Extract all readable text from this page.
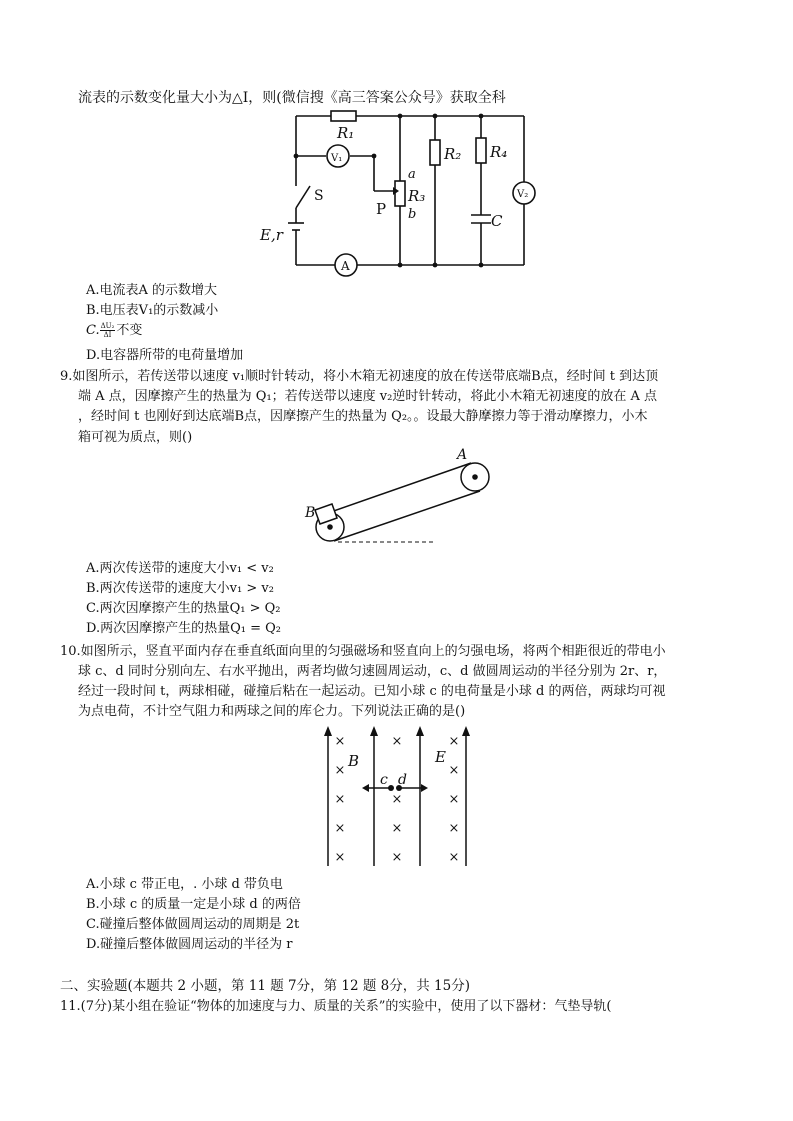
流表的示数变化量大小为△I，则(微信搜《高三答案公众号》获取全科
R₁
V₁
a
R₃
b
P
S
E,r
A
R₂ R₄
C
V₂
A.电流表A 的示数增大
B.电压表V₁的示数减小
C. $\frac{\text{ΔU₂}}{\Delta I}$ 不变
D.电容器所带的电荷量增加
9.如图所示，若传送带以速度 v₁顺时针转动，将小木箱无初速度的放在传送带底端B点，经时间 t 到达顶
端 A 点，因摩擦产生的热量为 Q₁；若传送带以速度 v₂逆时针转动，将此小木箱无初速度的放在 A 点
，经时间 t 也刚好到达底端B点，因摩擦产生的热量为 Q₂。。设最大静摩擦力等于滑动摩擦力，小木
箱可视为质点，则()
A
B
A.两次传送带的速度大小v₁ < v₂
B.两次传送带的速度大小v₁ > v₂
C.两次因摩擦产生的热量Q₁ > Q₂
D.两次因摩擦产生的热量Q₁ = Q₂
10.如图所示，竖直平面内存在垂直纸面向里的匀强磁场和竖直向上的匀强电场，将两个相距很近的带电小
球 c、d 同时分别向左、右水平抛出，两者均做匀速圆周运动，c、d 做圆周运动的半径分别为 2r、r，
经过一段时间 t，两球相碰，碰撞后粘在一起运动。已知小球 c 的电荷量是小球 d 的两倍，两球均可视
为点电荷，不计空气阻力和两球之间的库仑力。下列说法正确的是()
×
×
×
×
×
×
×
×
×
×
×
×
×
×
B	E
c d
A.小球 c 带正电，. 小球 d 带负电
B.小球 c 的质量一定是小球 d 的两倍
C.碰撞后整体做圆周运动的周期是 2t
D.碰撞后整体做圆周运动的半径为 r
二、实验题(本题共 2 小题，第 11 题 7分，第 12 题 8分，共 15分)
11.(7分)某小组在验证“物体的加速度与力、质量的关系”的实验中，使用了以下器材：气垫导轨(
